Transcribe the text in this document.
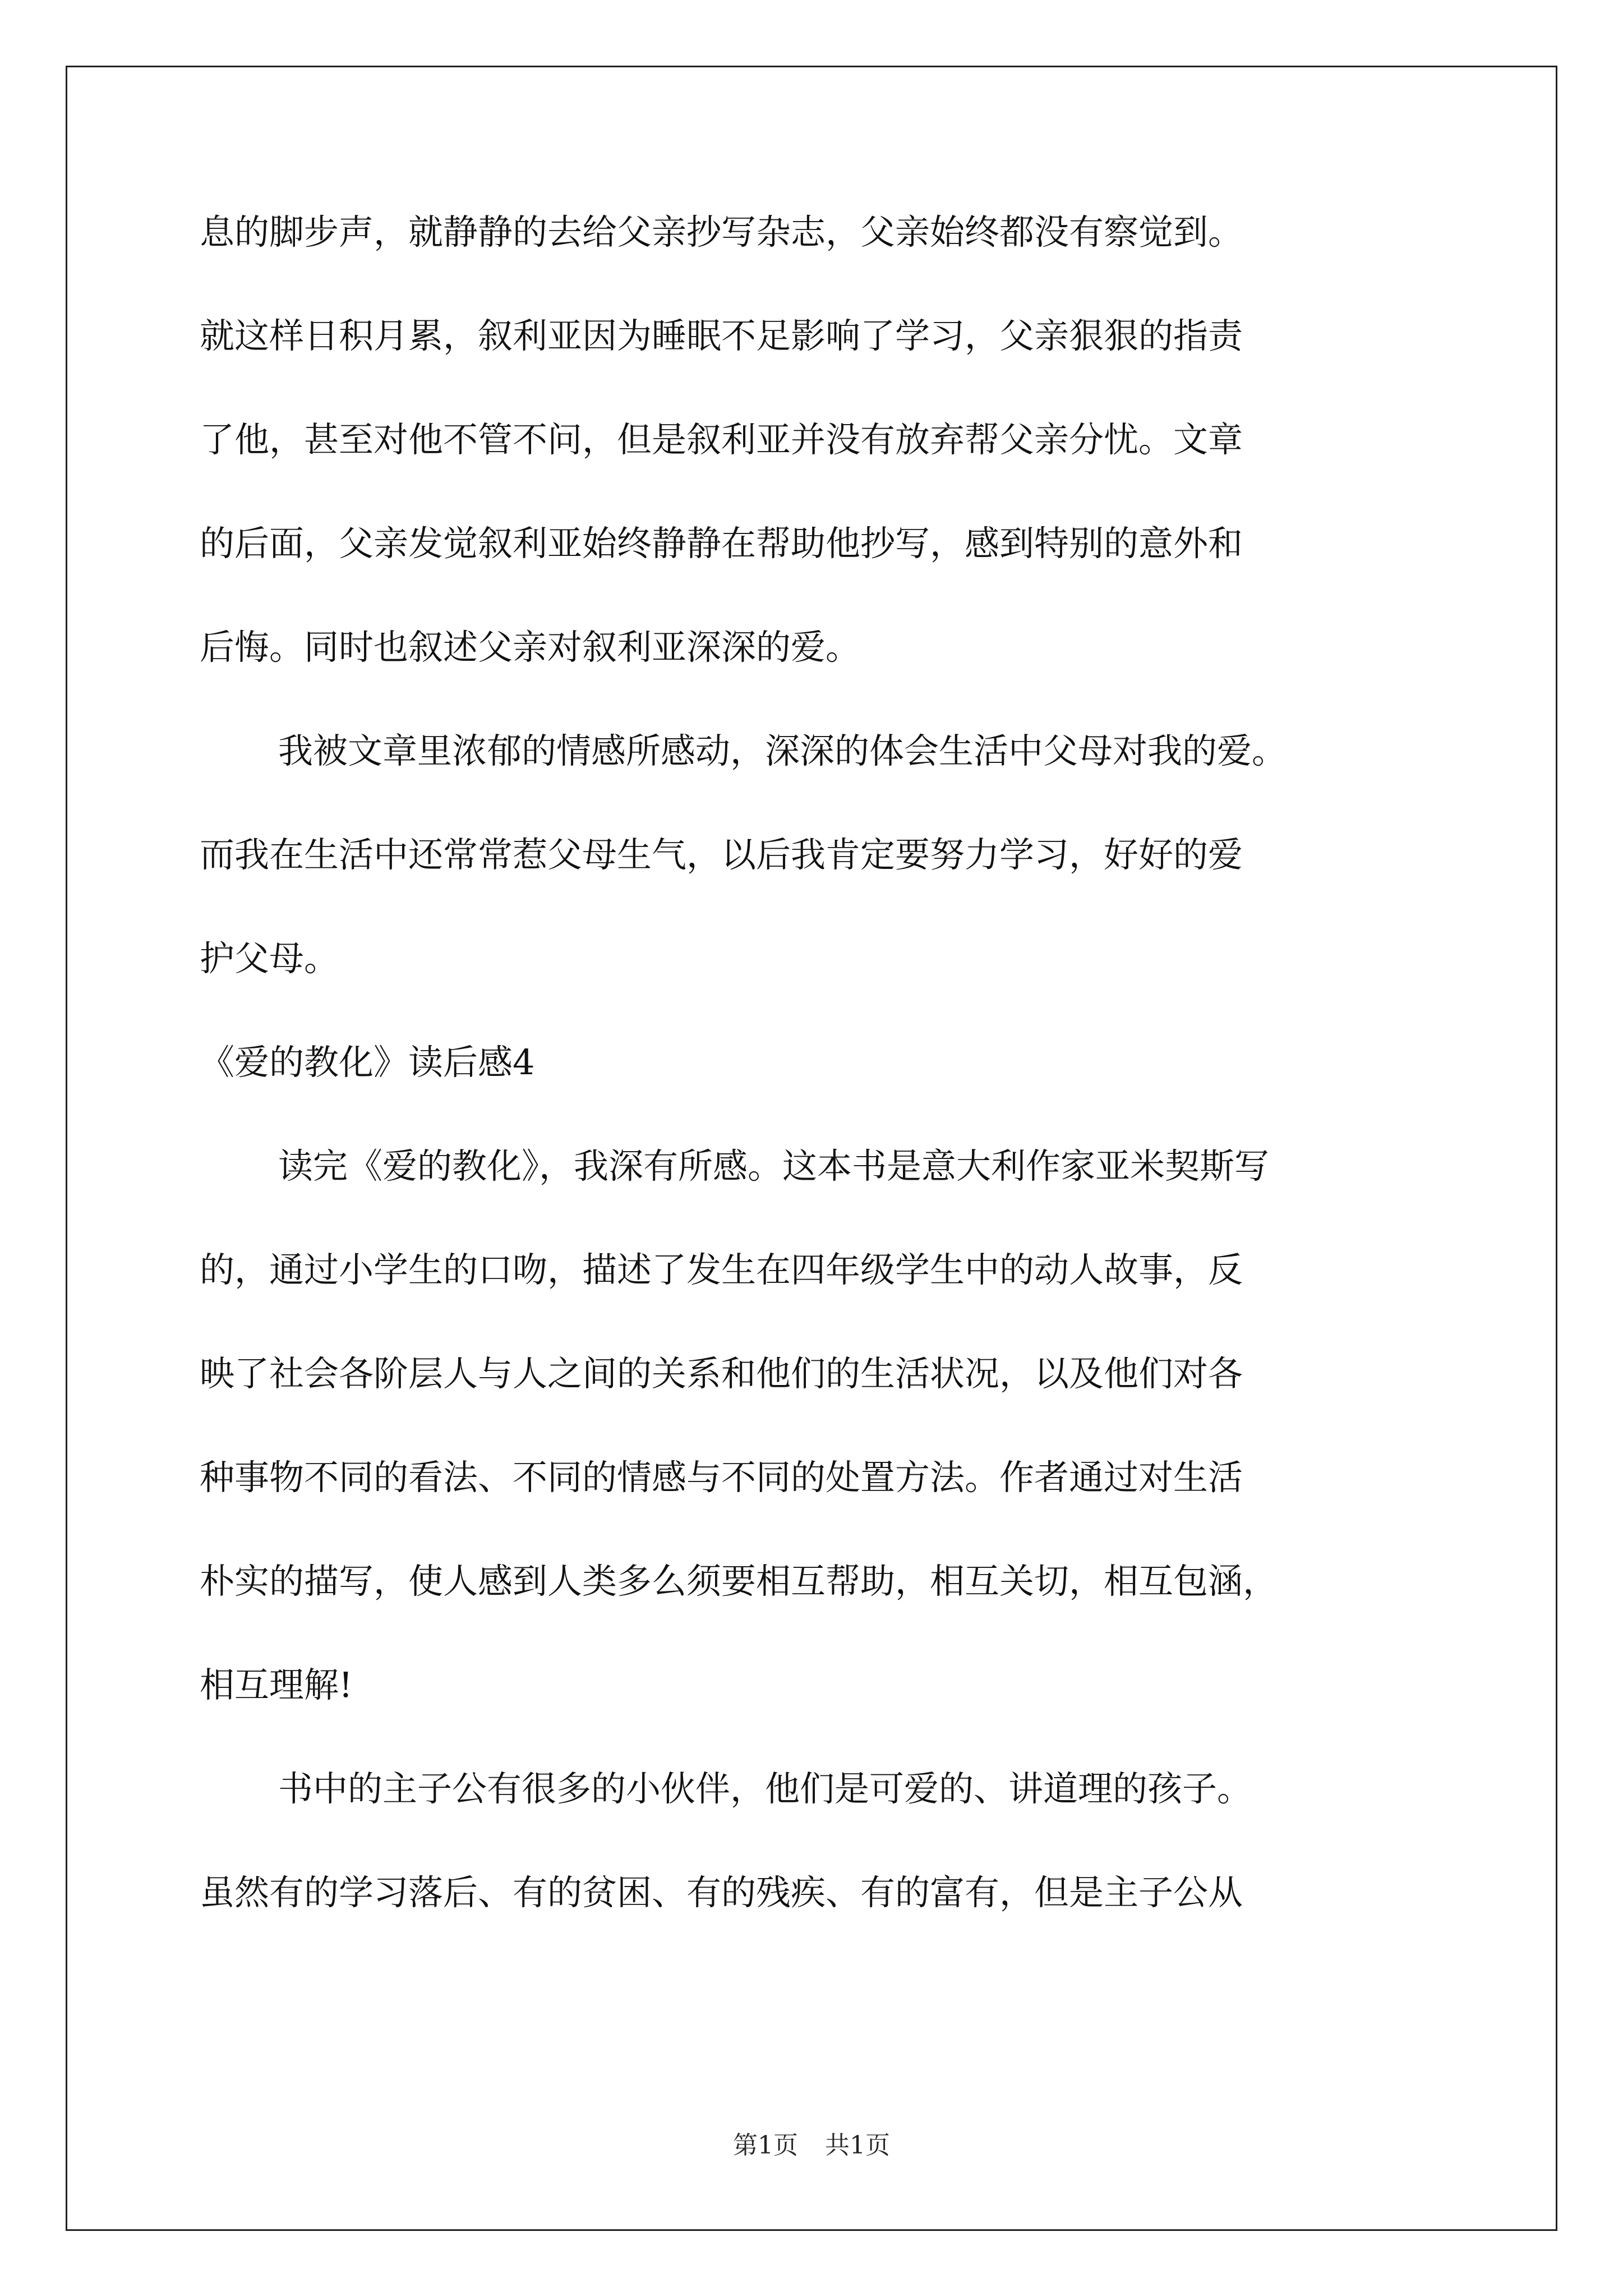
息的脚步声，就静静的去给父亲抄写杂志，父亲始终都没有察觉到。
就这样日积月累，叙利亚因为睡眠不足影响了学习，父亲狠狠的指责
了他，甚至对他不管不问，但是叙利亚并没有放弃帮父亲分忧。文章
的后面，父亲发觉叙利亚始终静静在帮助他抄写，感到特别的意外和
后悔。同时也叙述父亲对叙利亚深深的爱。
我被文章里浓郁的情感所感动，深深的体会生活中父母对我的爱。
而我在生活中还常常惹父母生气，以后我肯定要努力学习，好好的爱
护父母。
《爱的教化》读后感4
读完《爱的教化》，我深有所感。这本书是意大利作家亚米契斯写
的，通过小学生的口吻，描述了发生在四年级学生中的动人故事，反
映了社会各阶层人与人之间的关系和他们的生活状况，以及他们对各
种事物不同的看法、不同的情感与不同的处置方法。作者通过对生活
朴实的描写，使人感到人类多么须要相互帮助，相互关切，相互包涵，
相互理解!
书中的主子公有很多的小伙伴，他们是可爱的、讲道理的孩子。
虽然有的学习落后、有的贫困、有的残疾、有的富有，但是主子公从
第1页 共1页
